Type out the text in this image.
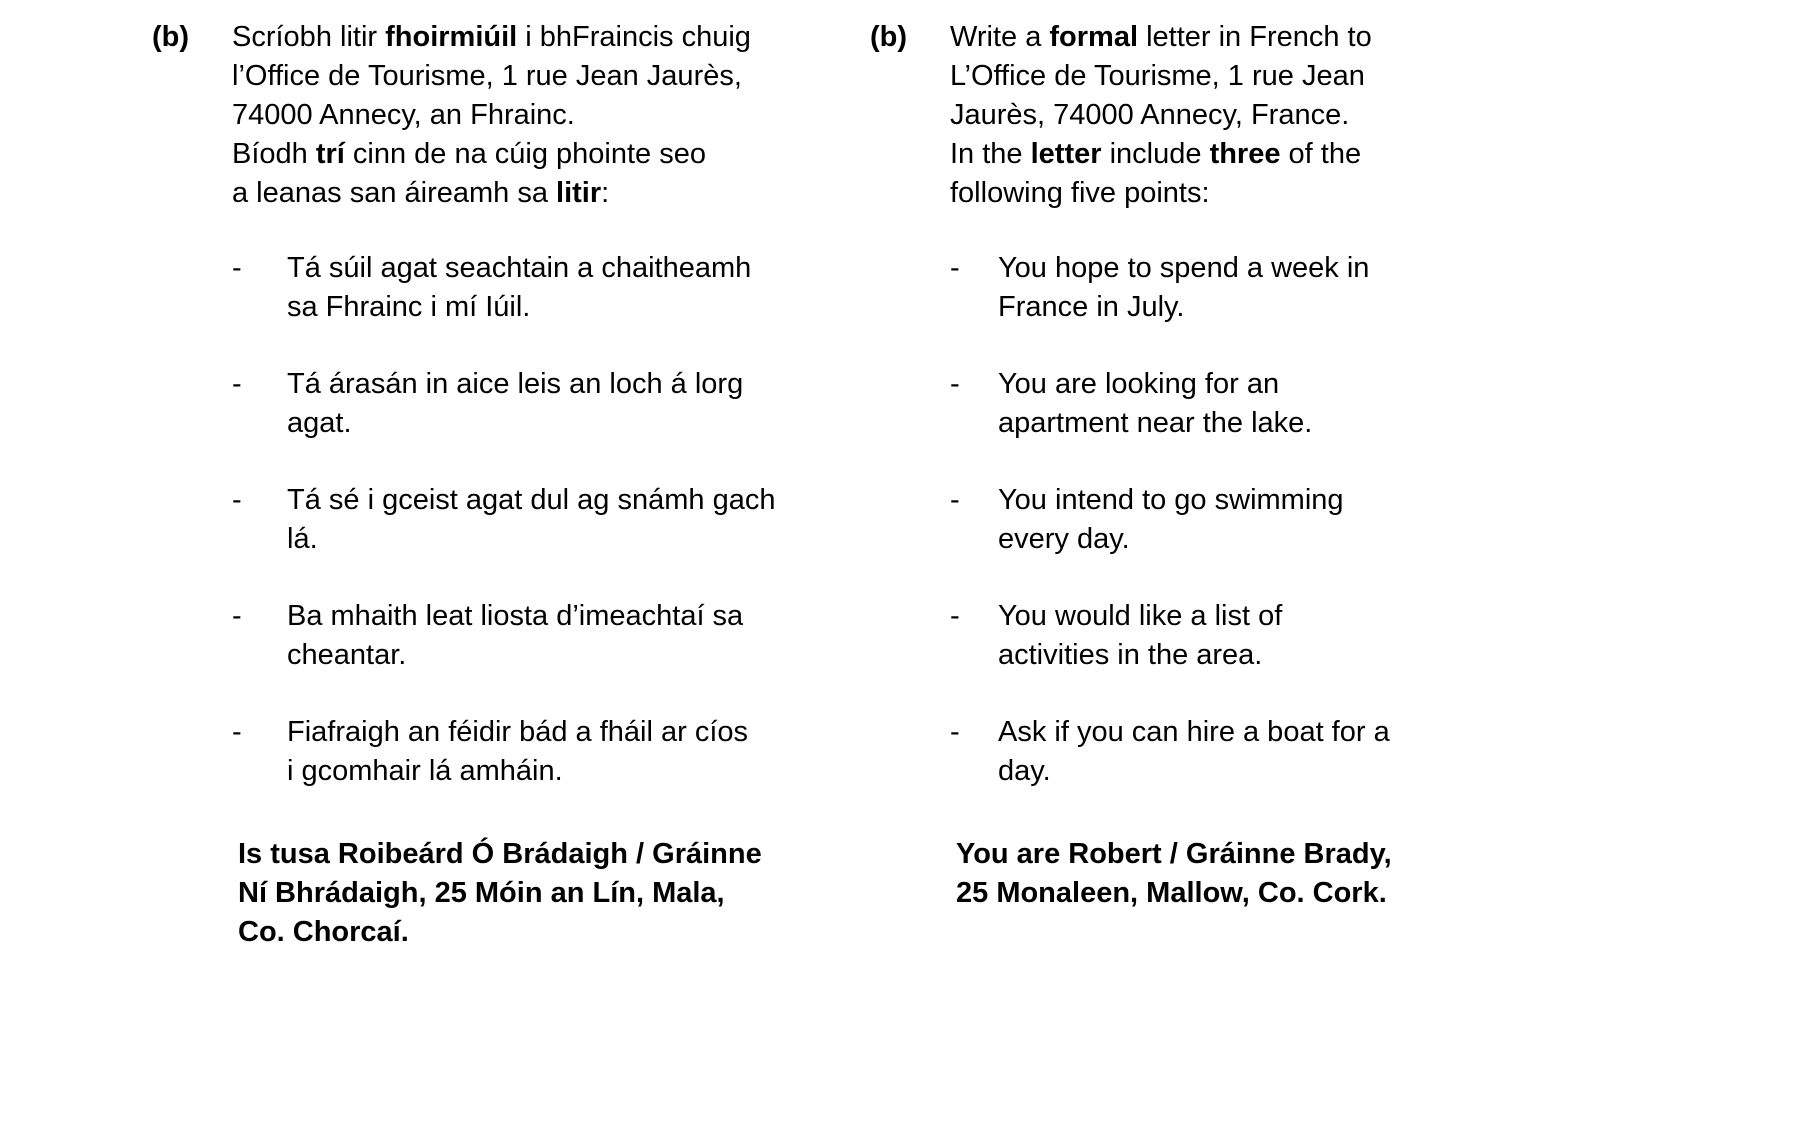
(b)	Scríobh litir fhoirmiúil i bhFraincis chuig
l’Office de Tourisme, 1 rue Jean Jaurès,
74000 Annecy, an Fhrainc.
Bíodh trí cinn de na cúig phointe seo
a leanas san áireamh sa litir:
-	Tá súil agat seachtain a chaitheamh
sa Fhrainc i mí Iúil.
-	Tá árasán in aice leis an loch á lorg
agat.
-	Tá sé i gceist agat dul ag snámh gach
lá.
-	Ba mhaith leat liosta d’imeachtaí sa
cheantar.
-	Fiafraigh an féidir bád a fháil ar cíos
i gcomhair lá amháin.
Is tusa Roibeárd Ó Brádaigh / Gráinne
Ní Bhrádaigh, 25 Móin an Lín, Mala,
Co. Chorcaí.
(b)	Write a formal letter in French to
L’Office de Tourisme, 1 rue Jean
Jaurès, 74000 Annecy, France.
In the letter include three of the
following five points:
-	You hope to spend a week in
France in July.
-	You are looking for an
apartment near the lake.
-	You intend to go swimming
every day.
-	You would like a list of
activities in the area.
-	Ask if you can hire a boat for a
day.
You are Robert / Gráinne Brady,
25 Monaleen, Mallow, Co. Cork.
